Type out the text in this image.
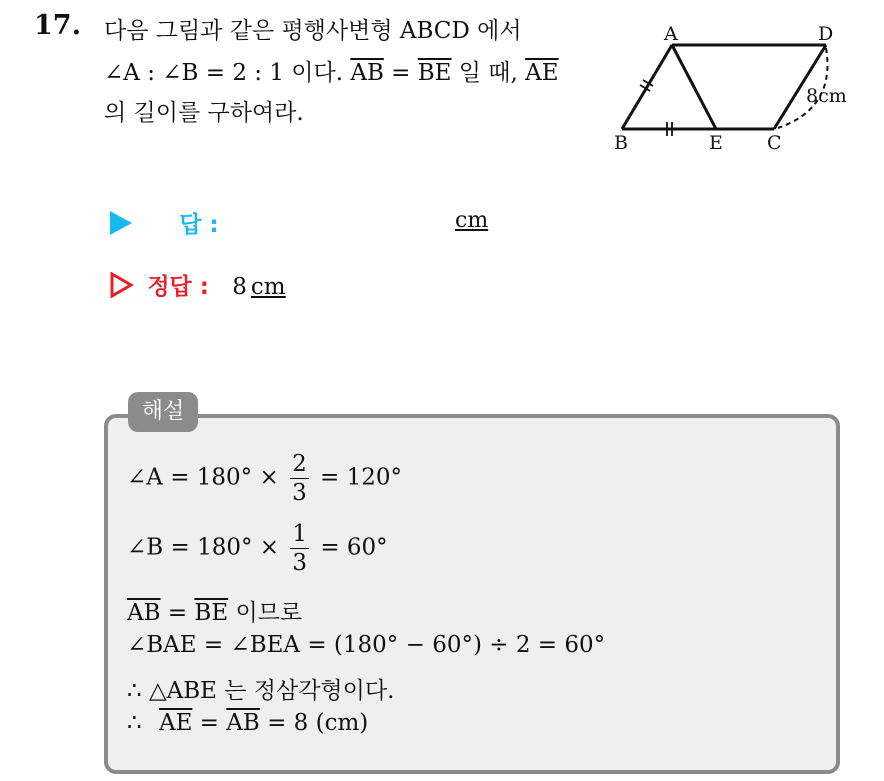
17. 다음 그림과 같은 평행사변형 ABCD 에서
∠A : ∠B = 2 : 1 이다. $\overline{AB} = \overline{BE}$ 일 때, $\overline{AE}$
의 길이를 구하여라.
A	D
B	E C
8cm
답 :	cm
정답 : 8 cm
해설
∠A = $180^\circ \times \frac{2}{3} = 120^\circ$
∠B = $180^\circ \times \frac{1}{3} = 60^\circ$
$\overline{AB} = \overline{BE}$ 이므로
∠BAE = ∠BEA = (180° − 60°) ÷ 2 = 60°
∴ △ABE 는 정삼각형이다.
∴ $\overline{AE} = \overline{AB} = 8$ (cm)
